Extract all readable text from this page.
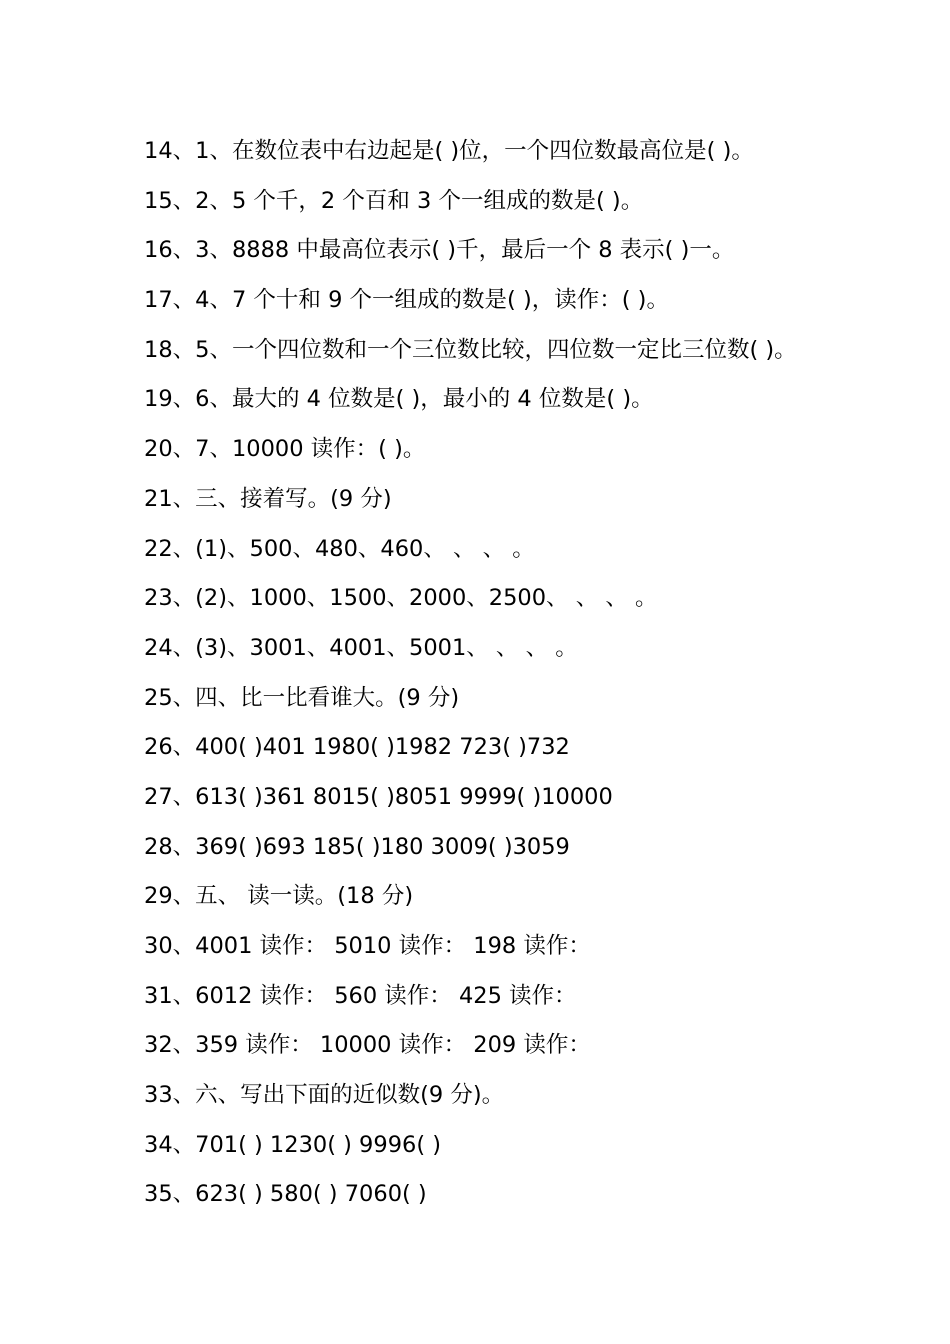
14、1、在数位表中右边起是( )位，一个四位数最高位是( )。
15、2、5 个千，2 个百和 3 个一组成的数是( )。
16、3、8888 中最高位表示( )千，最后一个 8 表示( )一。
17、4、7 个十和 9 个一组成的数是( )，读作：( )。
18、5、一个四位数和一个三位数比较，四位数一定比三位数( )。
19、6、最大的 4 位数是( )，最小的 4 位数是( )。
20、7、10000 读作：( )。
21、三、接着写。(9 分)
22、(1)、500、480、460、 、 、 。
23、(2)、1000、1500、2000、2500、 、 、 。
24、(3)、3001、4001、5001、 、 、 。
25、四、比一比看谁大。(9 分)
26、400( )401 1980( )1982 723( )732
27、613( )361 8015( )8051 9999( )10000
28、369( )693 185( )180 3009( )3059
29、五、 读一读。(18 分)
30、4001 读作： 5010 读作： 198 读作：
31、6012 读作： 560 读作： 425 读作：
32、359 读作： 10000 读作： 209 读作：
33、六、写出下面的近似数(9 分)。
34、701( ) 1230( ) 9996( )
35、623( ) 580( ) 7060( )
